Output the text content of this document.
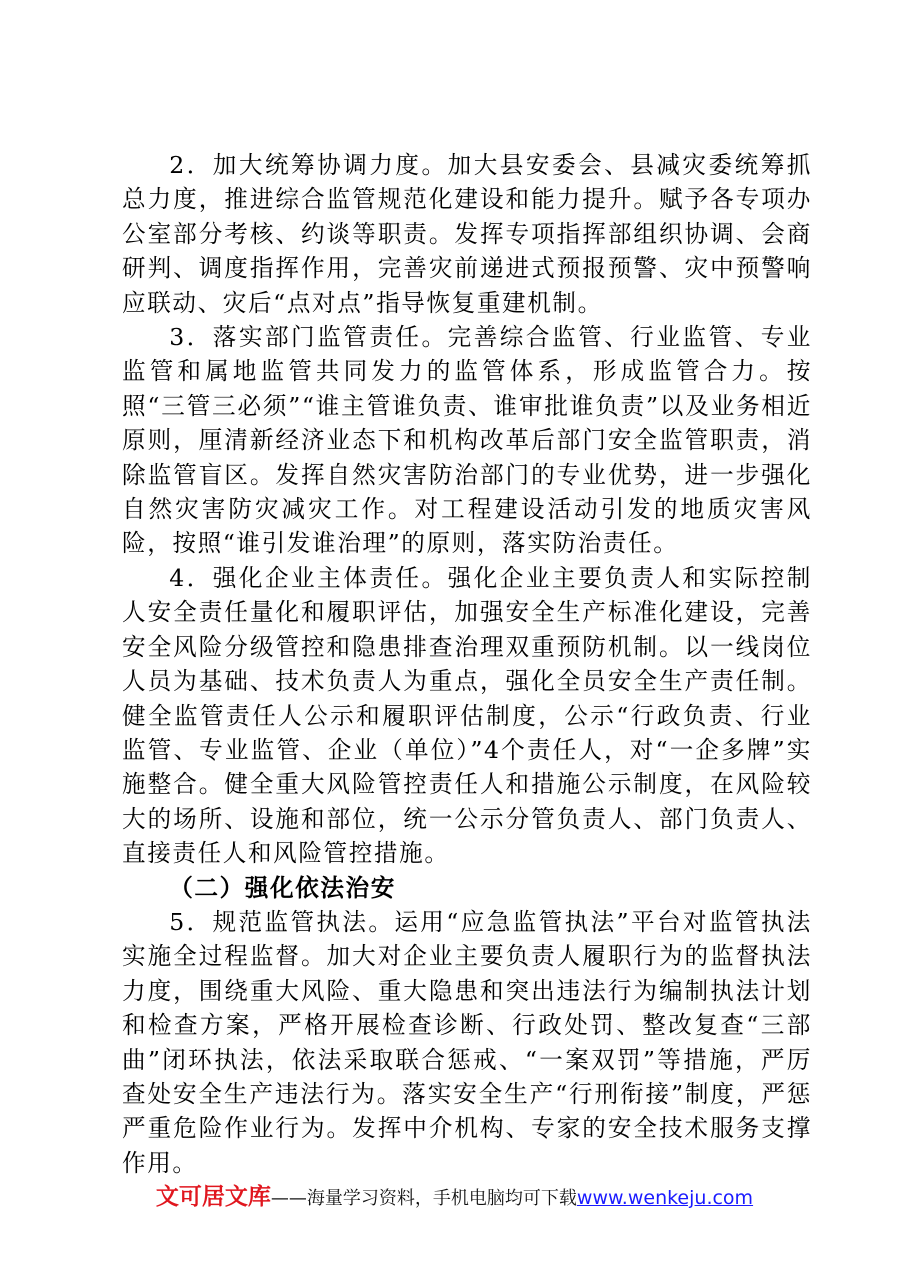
2．加大统筹协调力度。加大县安委会、县减灾委统筹抓总力度，推进综合监管规范化建设和能力提升。赋予各专项办公室部分考核、约谈等职责。发挥专项指挥部组织协调、会商研判、调度指挥作用，完善灾前递进式预报预警、灾中预警响应联动、灾后“点对点”指导恢复重建机制。

3．落实部门监管责任。完善综合监管、行业监管、专业监管和属地监管共同发力的监管体系，形成监管合力。按照“三管三必须”“谁主管谁负责、谁审批谁负责”以及业务相近原则，厘清新经济业态下和机构改革后部门安全监管职责，消除监管盲区。发挥自然灾害防治部门的专业优势，进一步强化自然灾害防灾减灾工作。对工程建设活动引发的地质灾害风险，按照“谁引发谁治理”的原则，落实防治责任。

4．强化企业主体责任。强化企业主要负责人和实际控制人安全责任量化和履职评估，加强安全生产标准化建设，完善安全风险分级管控和隐患排查治理双重预防机制。以一线岗位人员为基础、技术负责人为重点，强化全员安全生产责任制。健全监管责任人公示和履职评估制度，公示“行政负责、行业监管、专业监管、企业（单位）”4个责任人，对“一企多牌”实施整合。健全重大风险管控责任人和措施公示制度，在风险较大的场所、设施和部位，统一公示分管负责人、部门负责人、直接责任人和风险管控措施。

（二）强化依法治安

5．规范监管执法。运用“应急监管执法”平台对监管执法实施全过程监督。加大对企业主要负责人履职行为的监督执法力度，围绕重大风险、重大隐患和突出违法行为编制执法计划和检查方案，严格开展检查诊断、行政处罚、整改复查“三部曲”闭环执法，依法采取联合惩戒、“一案双罚”等措施，严厉查处安全生产违法行为。落实安全生产“行刑衔接”制度，严惩严重危险作业行为。发挥中介机构、专家的安全技术服务支撑作用。

文可居文库——海量学习资料，手机电脑均可下载www.wenkeju.com
